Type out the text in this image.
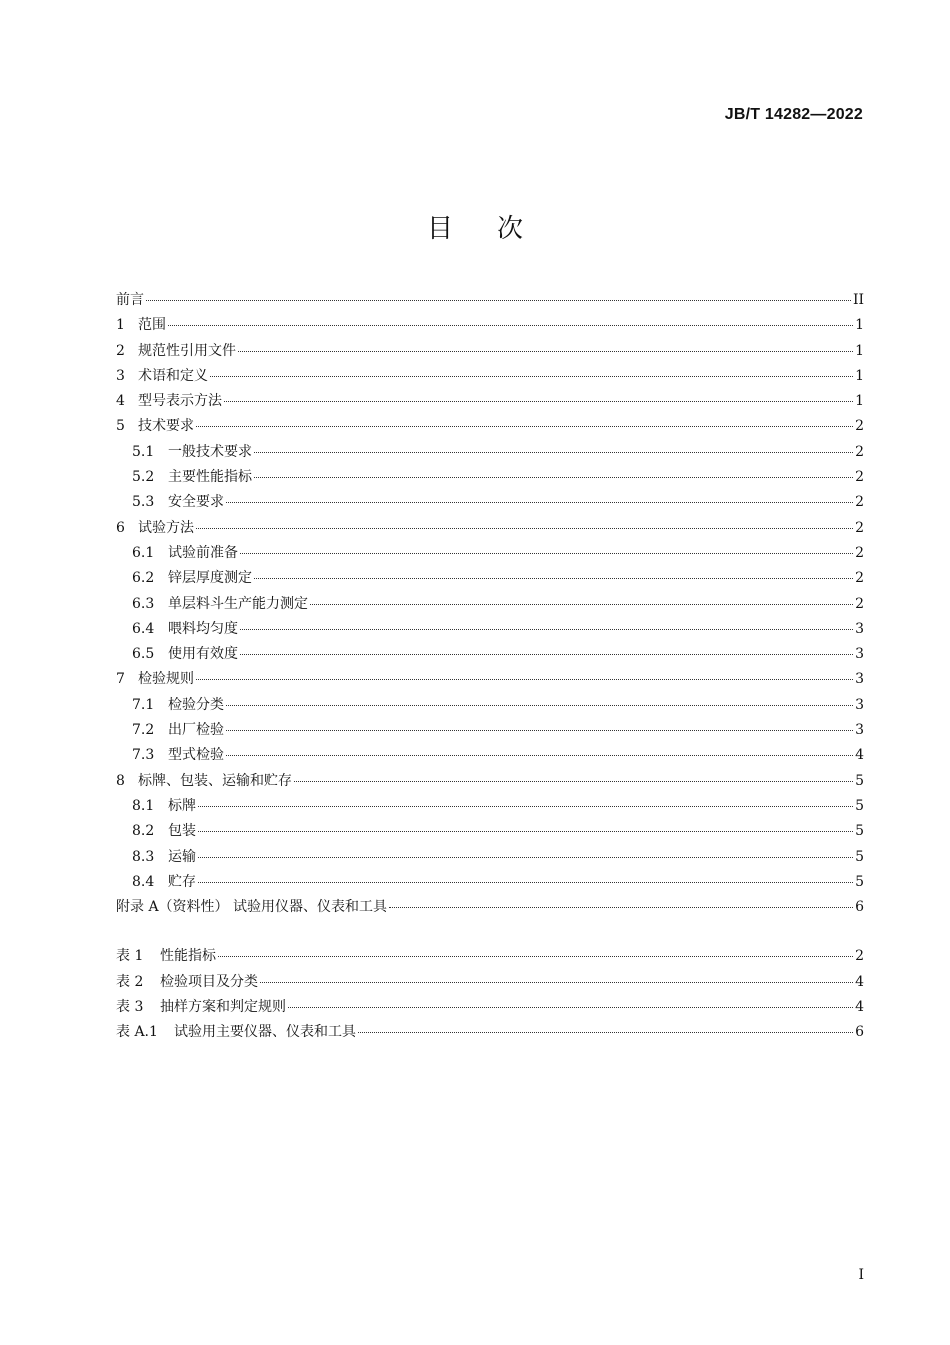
JB/T 14282—2022
目次
前言	II
1 范围	1
2 规范性引用文件	1
3 术语和定义	1
4 型号表示方法	1
5 技术要求	2
5.1 一般技术要求	2
5.2 主要性能指标	2
5.3 安全要求	2
6 试验方法	2
6.1 试验前准备	2
6.2 锌层厚度测定	2
6.3 单层料斗生产能力测定	2
6.4 喂料均匀度	3
6.5 使用有效度	3
7 检验规则	3
7.1 检验分类	3
7.2 出厂检验	3
7.3 型式检验	4
8 标牌、包装、运输和贮存	5
8.1 标牌	5
8.2 包装	5
8.3 运输	5
8.4 贮存	5
附录 A（资料性） 试验用仪器、仪表和工具	6
表 1	性能指标	2
表 2	检验项目及分类	4
表 3	抽样方案和判定规则	4
表 A.1	试验用主要仪器、仪表和工具	6
I
